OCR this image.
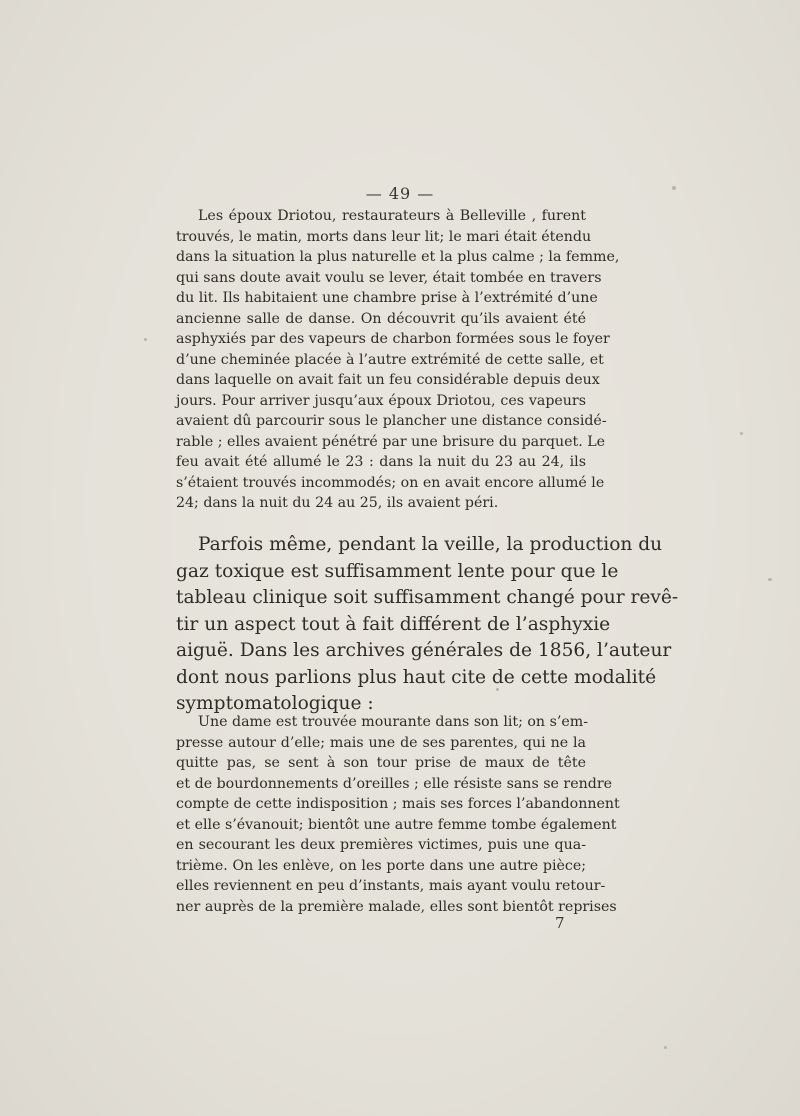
— 49 —
Les époux Driotou, restaurateurs à Belleville , furent
trouvés, le matin, morts dans leur lit; le mari était étendu
dans la situation la plus naturelle et la plus calme ; la femme,
qui sans doute avait voulu se lever, était tombée en travers
du lit. Ils habitaient une chambre prise à l’extrémité d’une
ancienne salle de danse. On découvrit qu’ils avaient été
asphyxiés par des vapeurs de charbon formées sous le foyer
d’une cheminée placée à l’autre extrémité de cette salle, et
dans laquelle on avait fait un feu considérable depuis deux
jours. Pour arriver jusqu’aux époux Driotou, ces vapeurs
avaient dû parcourir sous le plancher une distance considé-
rable ; elles avaient pénétré par une brisure du parquet. Le
feu avait été allumé le 23 : dans la nuit du 23 au 24, ils
s’étaient trouvés incommodés; on en avait encore allumé le
24; dans la nuit du 24 au 25, ils avaient péri.
Parfois même, pendant la veille, la production du
gaz toxique est suffisamment lente pour que le
tableau clinique soit suffisamment changé pour revê-
tir un aspect tout à fait différent de l’asphyxie
aiguë. Dans les archives générales de 1856, l’auteur
dont nous parlions plus haut cite de cette modalité
symptomatologique :
Une dame est trouvée mourante dans son lit; on s’em-
presse autour d’elle; mais une de ses parentes, qui ne la
quitte pas, se sent à son tour prise de maux de tête
et de bourdonnements d’oreilles ; elle résiste sans se rendre
compte de cette indisposition ; mais ses forces l’abandonnent
et elle s’évanouit; bientôt une autre femme tombe également
en secourant les deux premières victimes, puis une qua-
trième. On les enlève, on les porte dans une autre pièce;
elles reviennent en peu d’instants, mais ayant voulu retour-
ner auprès de la première malade, elles sont bientôt reprises
7
